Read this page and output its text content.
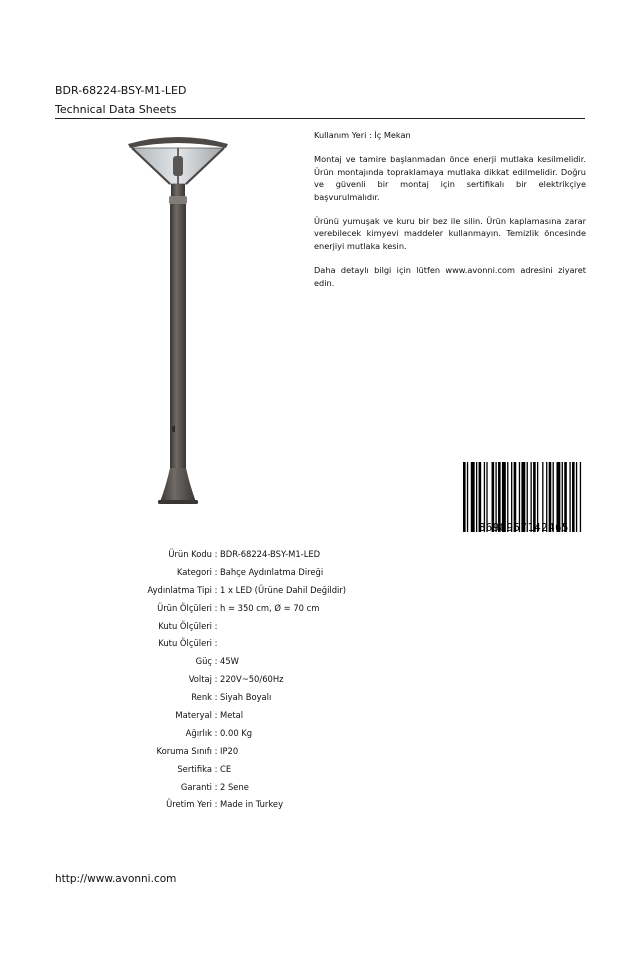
BDR-68224-BSY-M1-LED
Technical Data Sheets

Kullanım Yeri : İç Mekan

Montaj ve tamire başlanmadan önce enerji mutlaka kesilmelidir. Ürün montajında topraklamaya mutlaka dikkat edilmelidir. Doğru ve güvenli bir montaj için sertifikalı bir elektrikçiye başvurulmalıdır.

Ürünü yumuşak ve kuru bir bez ile silin. Ürün kaplamasına zarar verebilecek kimyevi maddeler kullanmayın. Temizlik öncesinde enerjiyi mutlaka kesin.

Daha detaylı bilgi için lütfen www.avonni.com adresini ziyaret edin.

8698957142465
Ürün Kodu : BDR-68224-BSY-M1-LED
Kategori : Bahçe Aydınlatma Direği
Aydınlatma Tipi : 1 x LED (Ürüne Dahil Değildir)
Ürün Ölçüleri : h = 350 cm, Ø = 70 cm
Kutu Ölçüleri :
Kutu Ölçüleri :
Güç : 45W
Voltaj : 220V~50/60Hz
Renk : Siyah Boyalı
Materyal : Metal
Ağırlık : 0.00 Kg
Koruma Sınıfı : IP20
Sertifika : CE
Garanti : 2 Sene
Üretim Yeri : Made in Turkey
http://www.avonni.com
